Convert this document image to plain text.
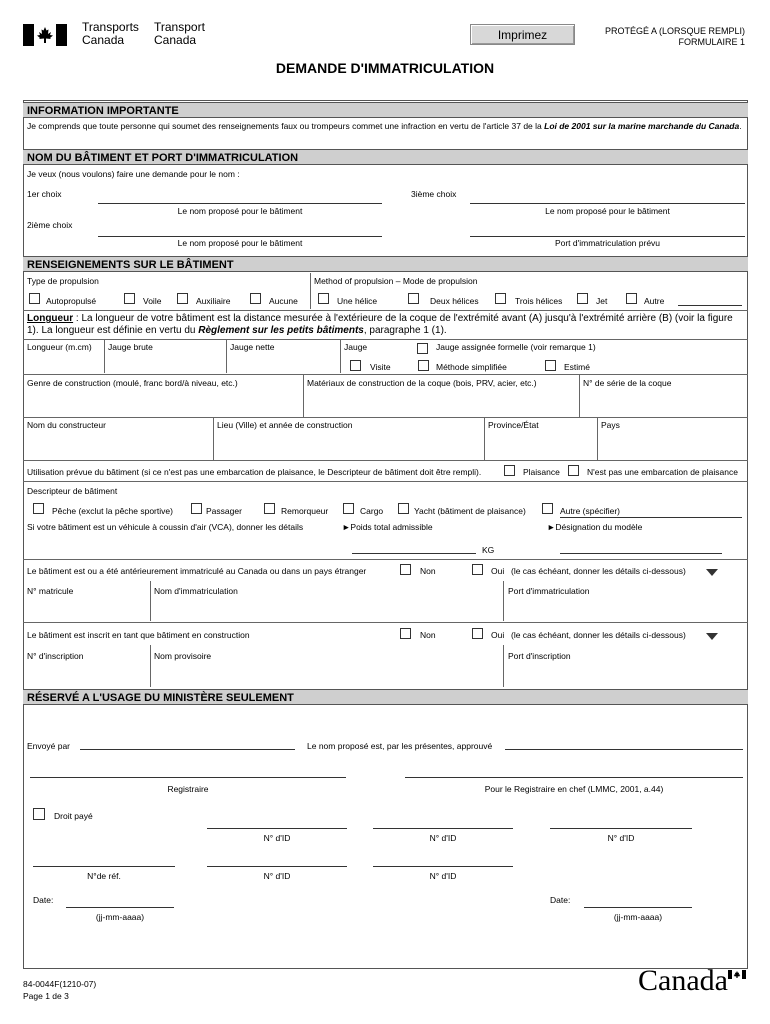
Transports
Canada
Transport
Canada	Imprimez	PROTÉGÉ A (LORSQUE REMPLI)
FORMULAIRE 1
DEMANDE D'IMMATRICULATION
INFORMATION IMPORTANTE
Je comprends que toute personne qui soumet des renseignements faux ou trompeurs commet une infraction en vertu de l'article 37 de la Loi de 2001 sur la marine marchande du Canada.
NOM DU BÂTIMENT ET PORT D'IMMATRICULATION
Je veux (nous voulons) faire une demande pour le nom :
1er choix
Le nom proposé pour le bâtiment
3ième choix
Le nom proposé pour le bâtiment
2ième choix
Le nom proposé pour le bâtiment	Port d'immatriculation prévu
RENSEIGNEMENTS SUR LE BÂTIMENT
Type de propulsion	Method of propulsion – Mode de propulsion
Autopropulsé	Voile	Auxiliaire	Aucune	Une hélice	Deux hélices	Trois hélices	Jet	Autre
Longueur : La longueur de votre bâtiment est la distance mesurée à l'extérieure de la coque de l'extrémité avant (A) jusqu'à l'extrémité arrière (B) (voir la figure 1). La longueur est définie en vertu du Règlement sur les petits bâtiments, paragraphe 1 (1).
Longueur (m.cm) Jauge brute	Jauge nette	Jauge	Jauge assignée formelle (voir remarque 1)
Visite	Méthode simplifiée	Estimé
Genre de construction (moulé, franc bord/à niveau, etc.)	Matériaux de construction de la coque (bois, PRV, acier, etc.)	N° de série de la coque
Nom du constructeur	Lieu (Ville) et année de construction	Province/État	Pays
Utilisation prévue du bâtiment (si ce n'est pas une embarcation de plaisance, le Descripteur de bâtiment doit être rempli).	Plaisance	N'est pas une embarcation de plaisance
Descripteur de bâtiment
Pêche (exclut la pêche sportive)	Passager	Remorqueur	Cargo	Yacht (bâtiment de plaisance)	Autre (spécifier)
Si votre bâtiment est un véhicule à coussin d'air (VCA), donner les détails	►Poids total admissible	►Désignation du modèle
KG
Le bâtiment est ou a été antérieurement immatriculé au Canada ou dans un pays étranger	Non	Oui (le cas échéant, donner les détails ci-dessous)
N° matricule	Nom d'immatriculation	Port d'immatriculation
Le bâtiment est inscrit en tant que bâtiment en construction	Non	Oui (le cas échéant, donner les détails ci-dessous)
N° d'inscription	Nom provisoire	Port d'inscription
RÉSERVÉ A L'USAGE DU MINISTÈRE SEULEMENT
Envoyé par	Le nom proposé est, par les présentes, approuvé
Registraire	Pour le Registraire en chef (LMMC, 2001, a.44)
Droit payé
N° d'ID	N° d'ID	N° d'ID
N°de réf.	N° d'ID	N° d'ID
Date:
(jj-mm-aaaa)
Date:
(jj-mm-aaaa)
84-0044F(1210-07)
Page 1 de 3	Canada
